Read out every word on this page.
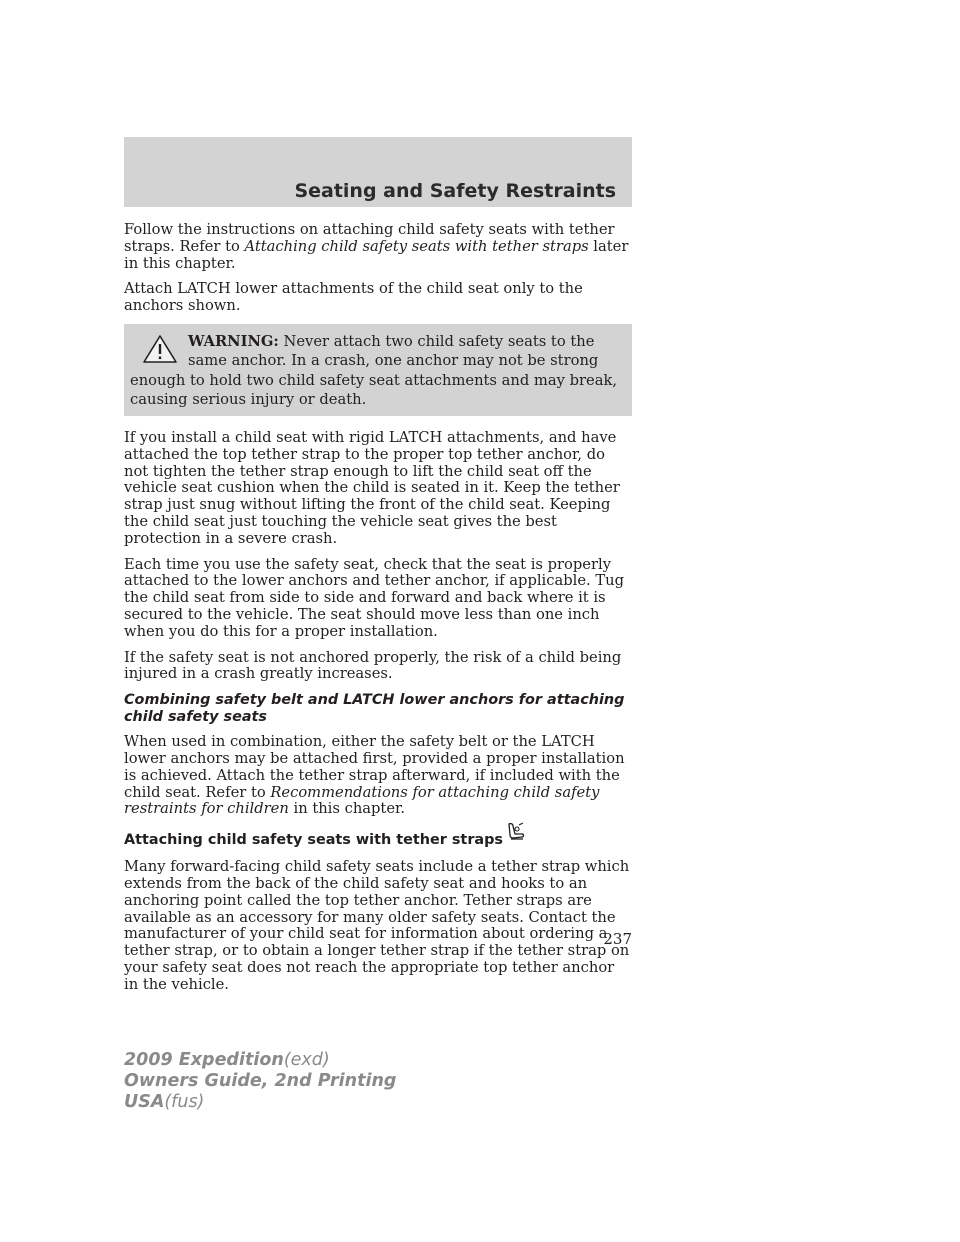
Seating and Safety Restraints

Follow the instructions on attaching child safety seats with tether straps. Refer to Attaching child safety seats with tether straps later in this chapter.

Attach LATCH lower attachments of the child seat only to the anchors shown.

WARNING: Never attach two child safety seats to the same anchor. In a crash, one anchor may not be strong enough to hold two child safety seat attachments and may break, causing serious injury or death.

If you install a child seat with rigid LATCH attachments, and have attached the top tether strap to the proper top tether anchor, do not tighten the tether strap enough to lift the child seat off the vehicle seat cushion when the child is seated in it. Keep the tether strap just snug without lifting the front of the child seat. Keeping the child seat just touching the vehicle seat gives the best protection in a severe crash.

Each time you use the safety seat, check that the seat is properly attached to the lower anchors and tether anchor, if applicable. Tug the child seat from side to side and forward and back where it is secured to the vehicle. The seat should move less than one inch when you do this for a proper installation.

If the safety seat is not anchored properly, the risk of a child being injured in a crash greatly increases.

Combining safety belt and LATCH lower anchors for attaching child safety seats

When used in combination, either the safety belt or the LATCH lower anchors may be attached first, provided a proper installation is achieved. Attach the tether strap afterward, if included with the child seat. Refer to Recommendations for attaching child safety restraints for children in this chapter.

Attaching child safety seats with tether straps

Many forward-facing child safety seats include a tether strap which extends from the back of the child safety seat and hooks to an anchoring point called the top tether anchor. Tether straps are available as an accessory for many older safety seats. Contact the manufacturer of your child seat for information about ordering a tether strap, or to obtain a longer tether strap if the tether strap on your safety seat does not reach the appropriate top tether anchor in the vehicle.

237
2009 Expedition(exd)
Owners Guide, 2nd Printing
USA(fus)
